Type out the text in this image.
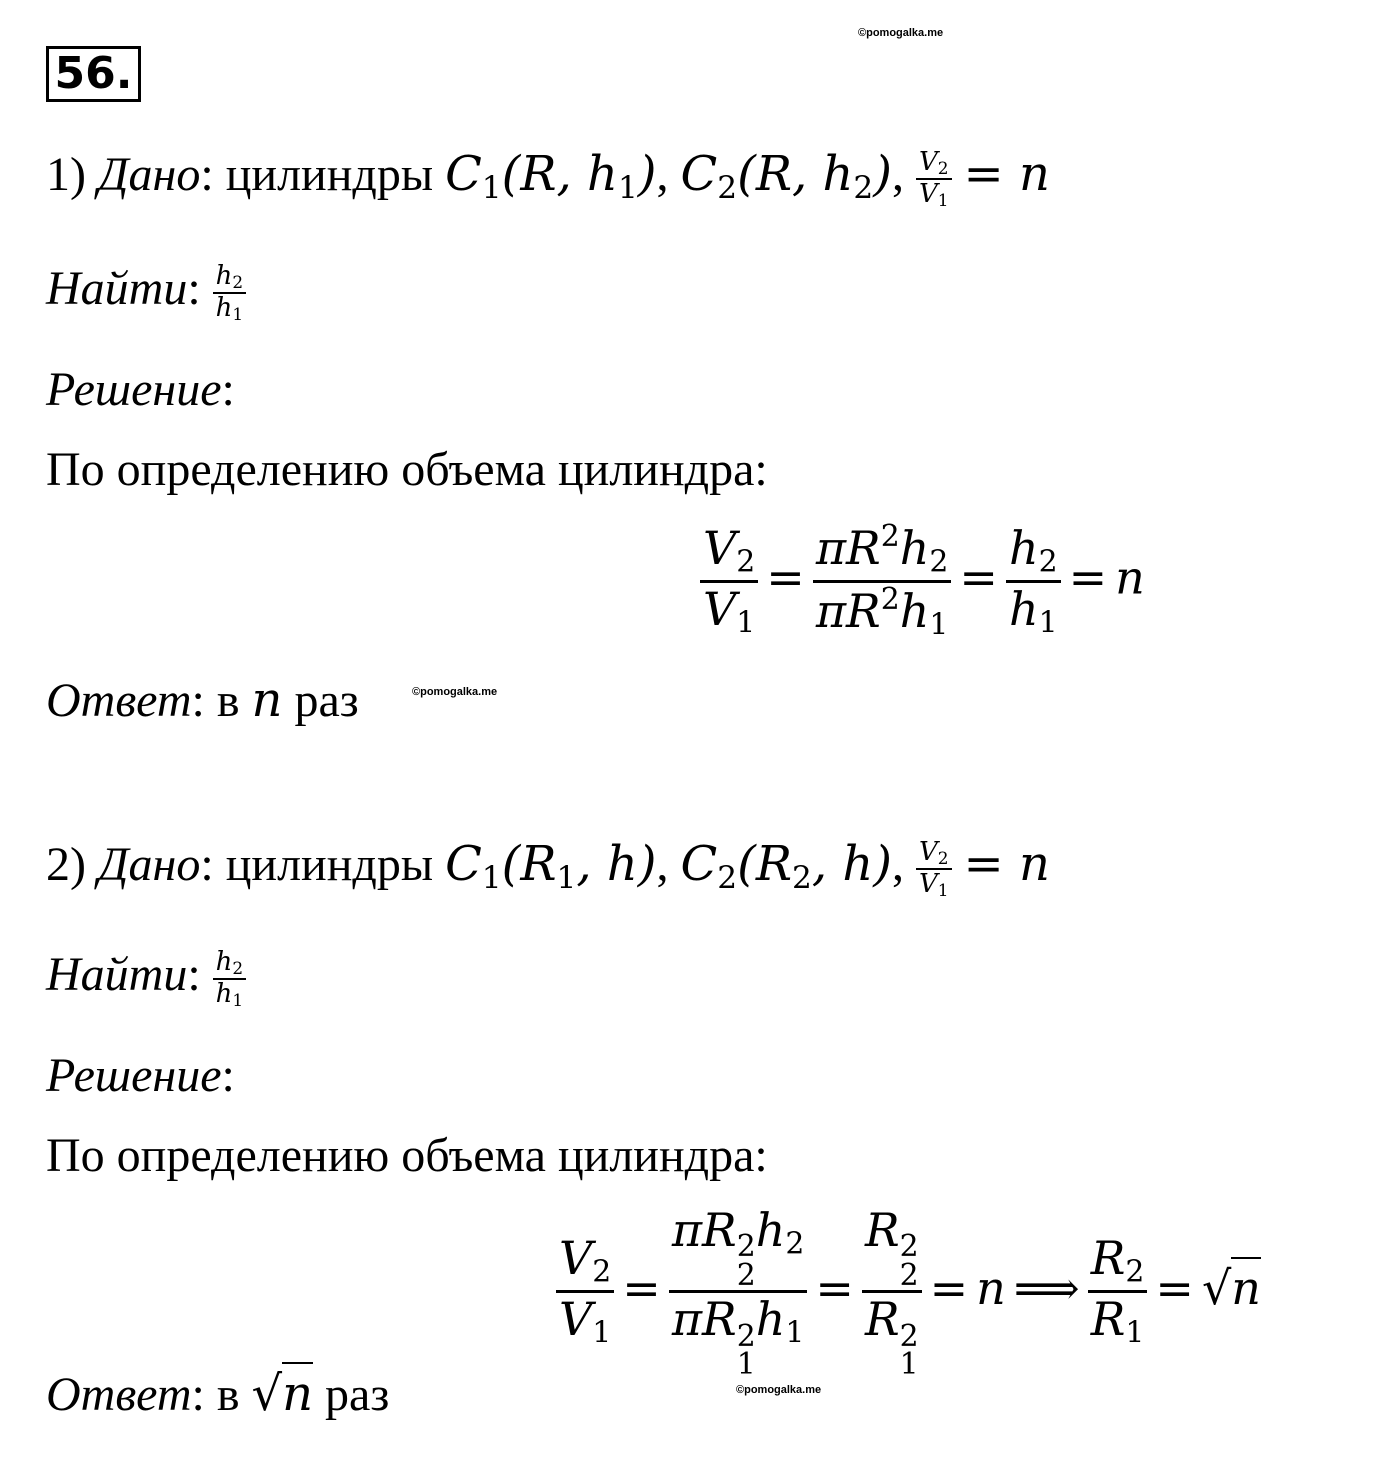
56.
©pomogalka.me
©pomogalka.me
©pomogalka.me
1) Дано: цилиндры $C_1(R$, $h_1$), $C_2(R$, $h_2$), $\frac{V_2}{V_1} = n$
Найти: $\frac{h_2}{h_1}$
Решение:
По определению объема цилиндра:
$\frac{V_2}{V_1} = \frac{\pi R^2h_2}{\pi R^2h_1} = \frac{h_2}{h_1} = n$
Ответ: в n раз
2) Дано: цилиндры $C_1(R_1$, h), $C_2(R_2$, h), $\frac{V_2}{V_1} = n$
Найти: $\frac{h_2}{h_1}$
Решение:
По определению объема цилиндра:
$\frac{V_2}{V_1} = \pi R$ 2
2
$h_2$
πR 2
1
$h_1 = R$ 2
2
R 2
1 = n ⟹ $\frac{R_2}{R_1} = √n$
Ответ: в √n раз
